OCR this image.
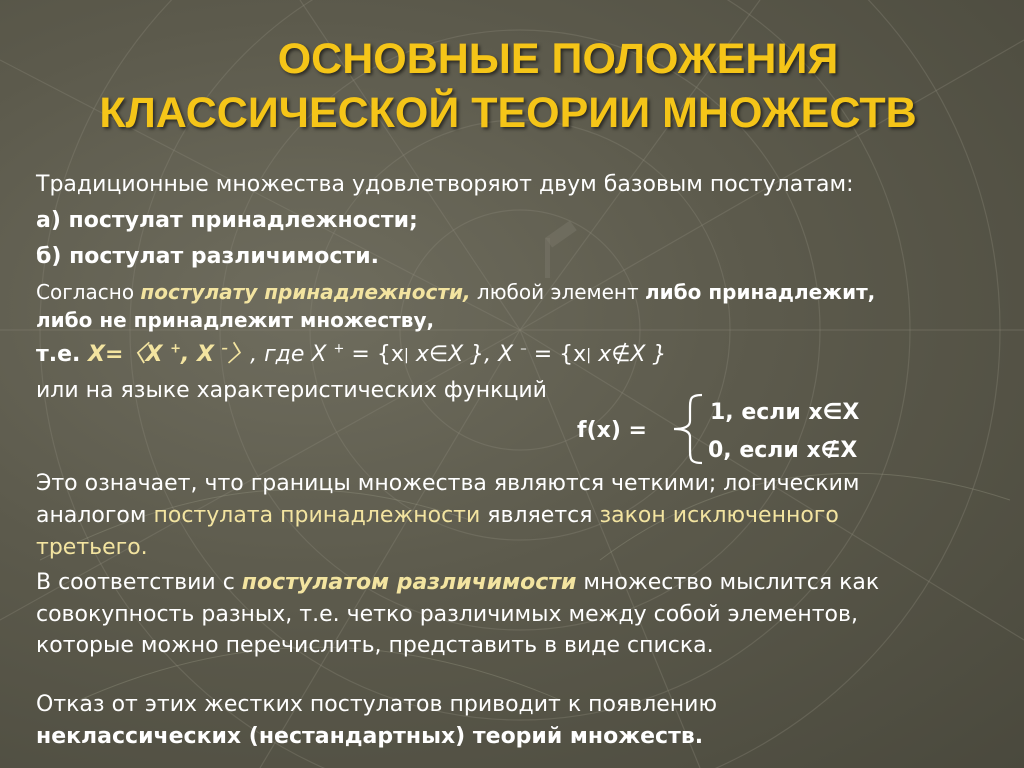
ОСНОВНЫЕ ПОЛОЖЕНИЯ
КЛАССИЧЕСКОЙ ТЕОРИИ МНОЖЕСТВ
Традиционные множества удовлетворяют двум базовым постулатам:
а) постулат принадлежности;
б) постулат различимости.
Согласно постулату принадлежности, любой элемент либо принадлежит,
либо не принадлежит множеству,
т.е. X=〈X +, X –〉, где X + = {x| x∈X }, X – = {x| x∉X }
или на языке характеристических функций
f(x) =
1, если x∈X
0, если x∉X
Это означает, что границы множества являются четкими; логическим
аналогом постулата принадлежности является закон исключенного
третьего.
В соответствии с постулатом различимости множество мыслится как
совокупность разных, т.е. четко различимых между собой элементов,
которые можно перечислить, представить в виде списка.
Отказ от этих жестких постулатов приводит к появлению
неклассических (нестандартных) теорий множеств.
